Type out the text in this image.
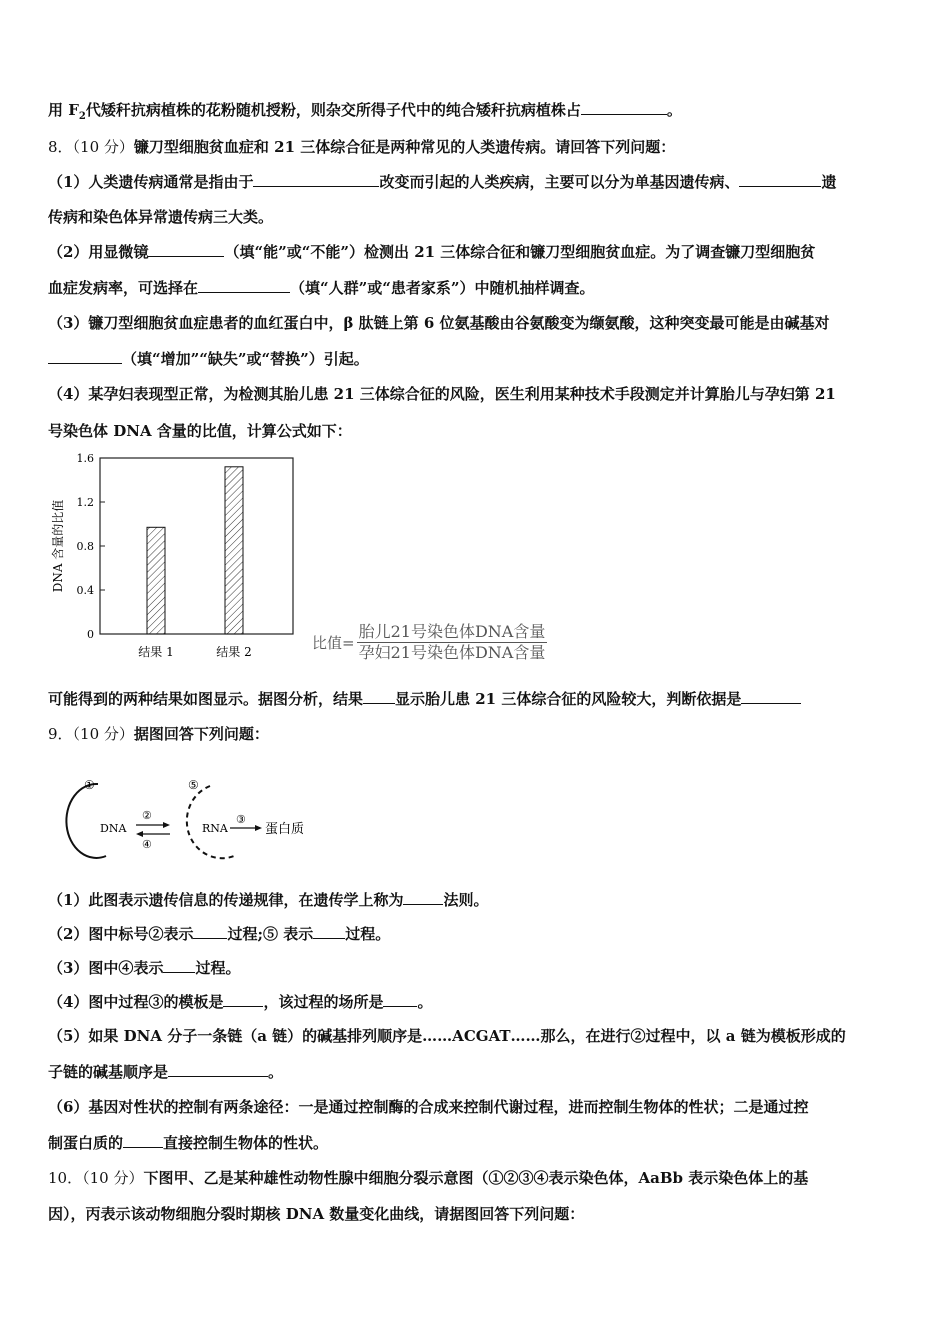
用 $F_2$代矮秆抗病植株的花粉随机授粉，则杂交所得子代中的纯合矮秆抗病植株占	。
8．（10 分）镰刀型细胞贫血症和 21 三体综合征是两种常见的人类遗传病。请回答下列问题：
（1）人类遗传病通常是指由于	改变而引起的人类疾病，主要可以分为单基因遗传病、	遗
传病和染色体异常遗传病三大类。
（2）用显微镜	（填“能”或“不能”）检测出 21 三体综合征和镰刀型细胞贫血症。为了调查镰刀型细胞贫
血症发病率，可选择在	（填“人群”或“患者家系”）中随机抽样调查。
（3）镰刀型细胞贫血症患者的血红蛋白中，β 肽链上第 6 位氨基酸由谷氨酸变为缬氨酸，这种突变最可能是由碱基对
（填“增加”“缺失”或“替换”）引起。
（4）某孕妇表现型正常，为检测其胎儿患 21 三体综合征的风险，医生利用某种技术手段测定并计算胎儿与孕妇第 21
号染色体 DNA 含量的比值，计算公式如下：
0
0.4
0.8
1.2
1.6
结果 1	结果 2
DNA 含量的比值
比值=
胎儿21号染色体DNA含量
孕妇21号染色体DNA含量
可能得到的两种结果如图显示。据图分析，结果 显示胎儿患 21 三体综合征的风险较大，判断依据是
9．（10 分）据图回答下列问题：
①
DNA
②
④
⑤
RNA
③
蛋白质
（1）此图表示遗传信息的传递规律，在遗传学上称为	法则。
（2）图中标号②表示 过程;⑤ 表示 过程。
（3）图中④表示 过程。
（4）图中过程③的模板是	，该过程的场所是 。
（5）如果 DNA 分子一条链（a 链）的碱基排列顺序是……ACGAT……那么，在进行②过程中，以 a 链为模板形成的
子链的碱基顺序是	。
（6）基因对性状的控制有两条途径：一是通过控制酶的合成来控制代谢过程，进而控制生物体的性状；二是通过控
制蛋白质的	直接控制生物体的性状。
10．（10 分）下图甲、乙是某种雄性动物性腺中细胞分裂示意图（①②③④表示染色体，AaBb 表示染色体上的基
因），丙表示该动物细胞分裂时期核 DNA 数量变化曲线，请据图回答下列问题：
